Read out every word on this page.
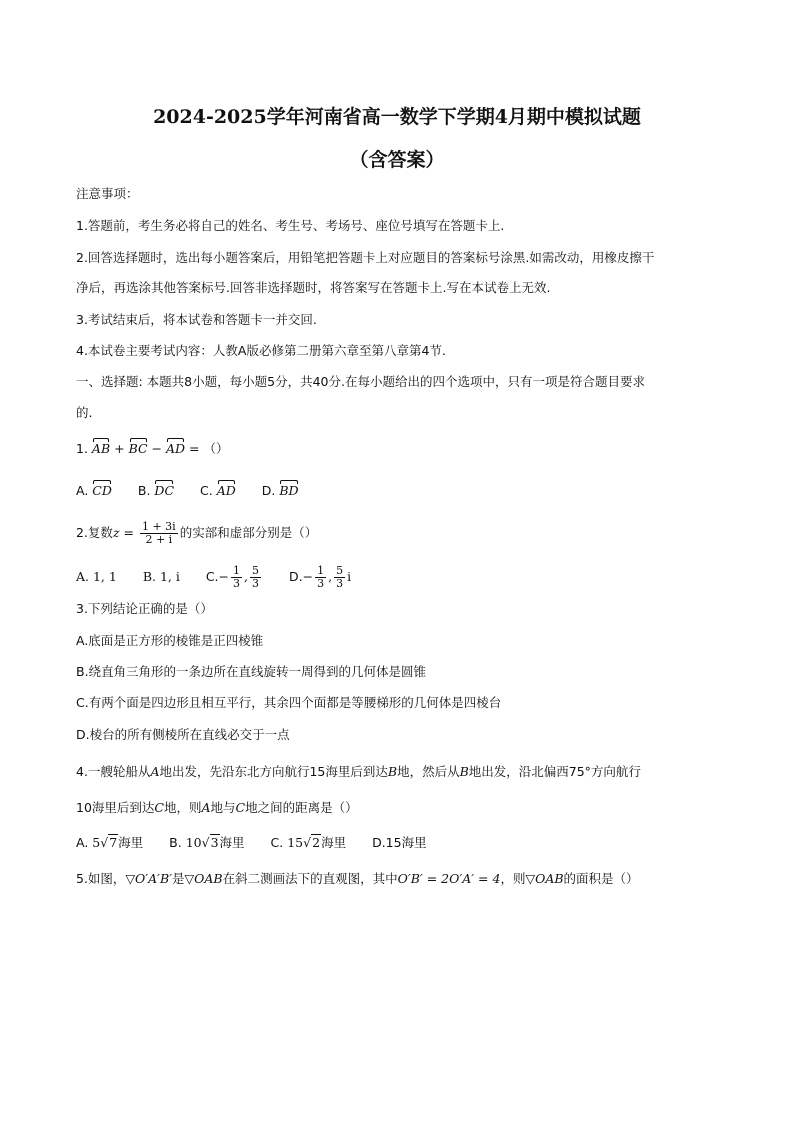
2024-2025学年河南省高一数学下学期4月期中模拟试题
（含答案）
注意事项：
1.答题前，考生务必将自己的姓名、考生号、考场号、座位号填写在答题卡上.
2.回答选择题时，选出每小题答案后，用铅笔把答题卡上对应题目的答案标号涂黑.如需改动，用橡皮擦干
净后，再选涂其他答案标号.回答非选择题时，将答案写在答题卡上.写在本试卷上无效.
3.考试结束后，将本试卷和答题卡一并交回.
4.本试卷主要考试内容：人教A版必修第二册第六章至第八章第4节.
一、选择题: 本题共8小题，每小题5分，共40分.在每小题给出的四个选项中，只有一项是符合题目要求
的.
1. AB + BC − AD = （）
A. CD B. DC C. AD D. BD
2.复数$z = \frac{1 + 3i}{2 + i}$ 的实部和虚部分别是（）
A. 1, 1 B. 1, i $C.- \frac{1}{3}$ , $\frac{5}{3} D.- \frac{1}{3}$ , $\frac{5}{3}$ i
3.下列结论正确的是（）
A.底面是正方形的棱锥是正四棱锥
B.绕直角三角形的一条边所在直线旋转一周得到的几何体是圆锥
C.有两个面是四边形且相互平行，其余四个面都是等腰梯形的几何体是四棱台
D.棱台的所有侧棱所在直线必交于一点
4.一艘轮船从A地出发，先沿东北方向航行15海里后到达B地，然后从B地出发，沿北偏西75°方向航行
10海里后到达C地，则A地与C地之间的距离是（）
A. 5√7海里 B. 10√3海里 C. 15√2海里 D.15海里
5.如图，▽O′A′B′是▽OAB在斜二测画法下的直观图，其中O′B′ = 2O′A′ = 4，则▽OAB的面积是（）
